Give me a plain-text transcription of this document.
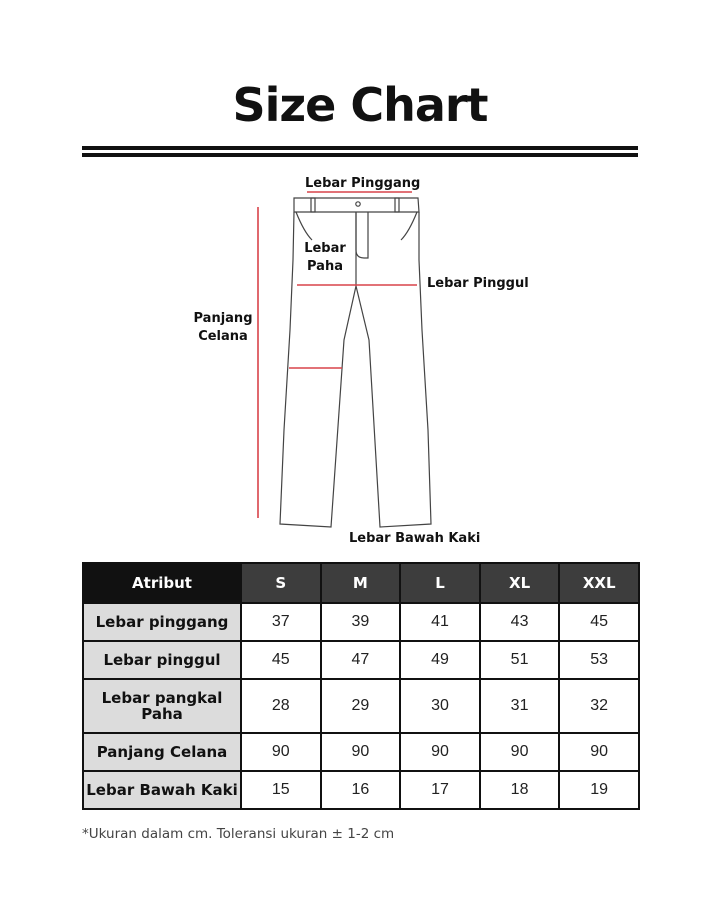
Size Chart
Lebar Pinggang
Lebar
Paha
Lebar Pinggul
Panjang
Celana
Lebar Bawah Kaki
Atribut	S	M	L	XL	XXL
Lebar pinggang	37	39	41	43	45
Lebar pinggul	45	47	49	51	53
Lebar pangkal Paha	28	29	30	31	32
Panjang Celana	90	90	90	90	90
Lebar Bawah Kaki	15	16	17	18	19
*Ukuran dalam cm. Toleransi ukuran ± 1-2 cm
